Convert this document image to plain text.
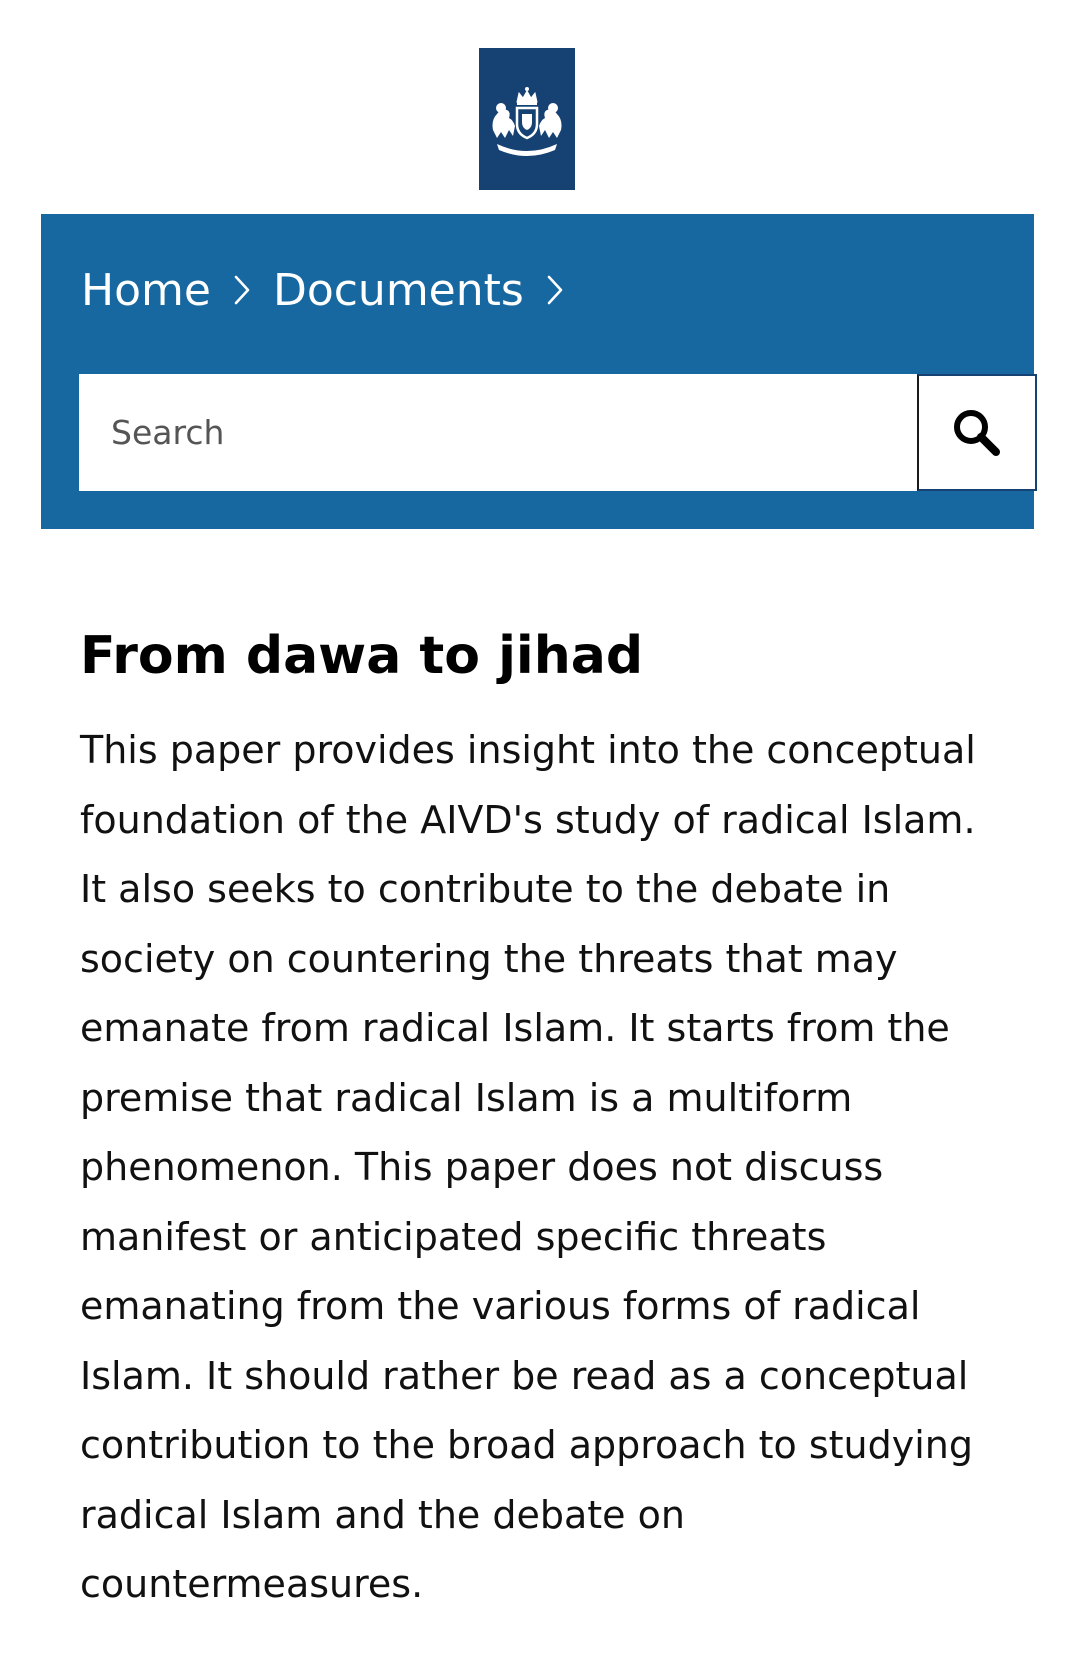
Home Documents
Search
From dawa to jihad

This paper provides insight into the conceptual foundation of the AIVD's study of radical Islam. It also seeks to contribute to the debate in society on countering the threats that may emanate from radical Islam. It starts from the premise that radical Islam is a multiform phenomenon. This paper does not discuss manifest or anticipated specific threats emanating from the various forms of radical Islam. It should rather be read as a conceptual contribution to the broad approach to studying radical Islam and the debate on countermeasures.
